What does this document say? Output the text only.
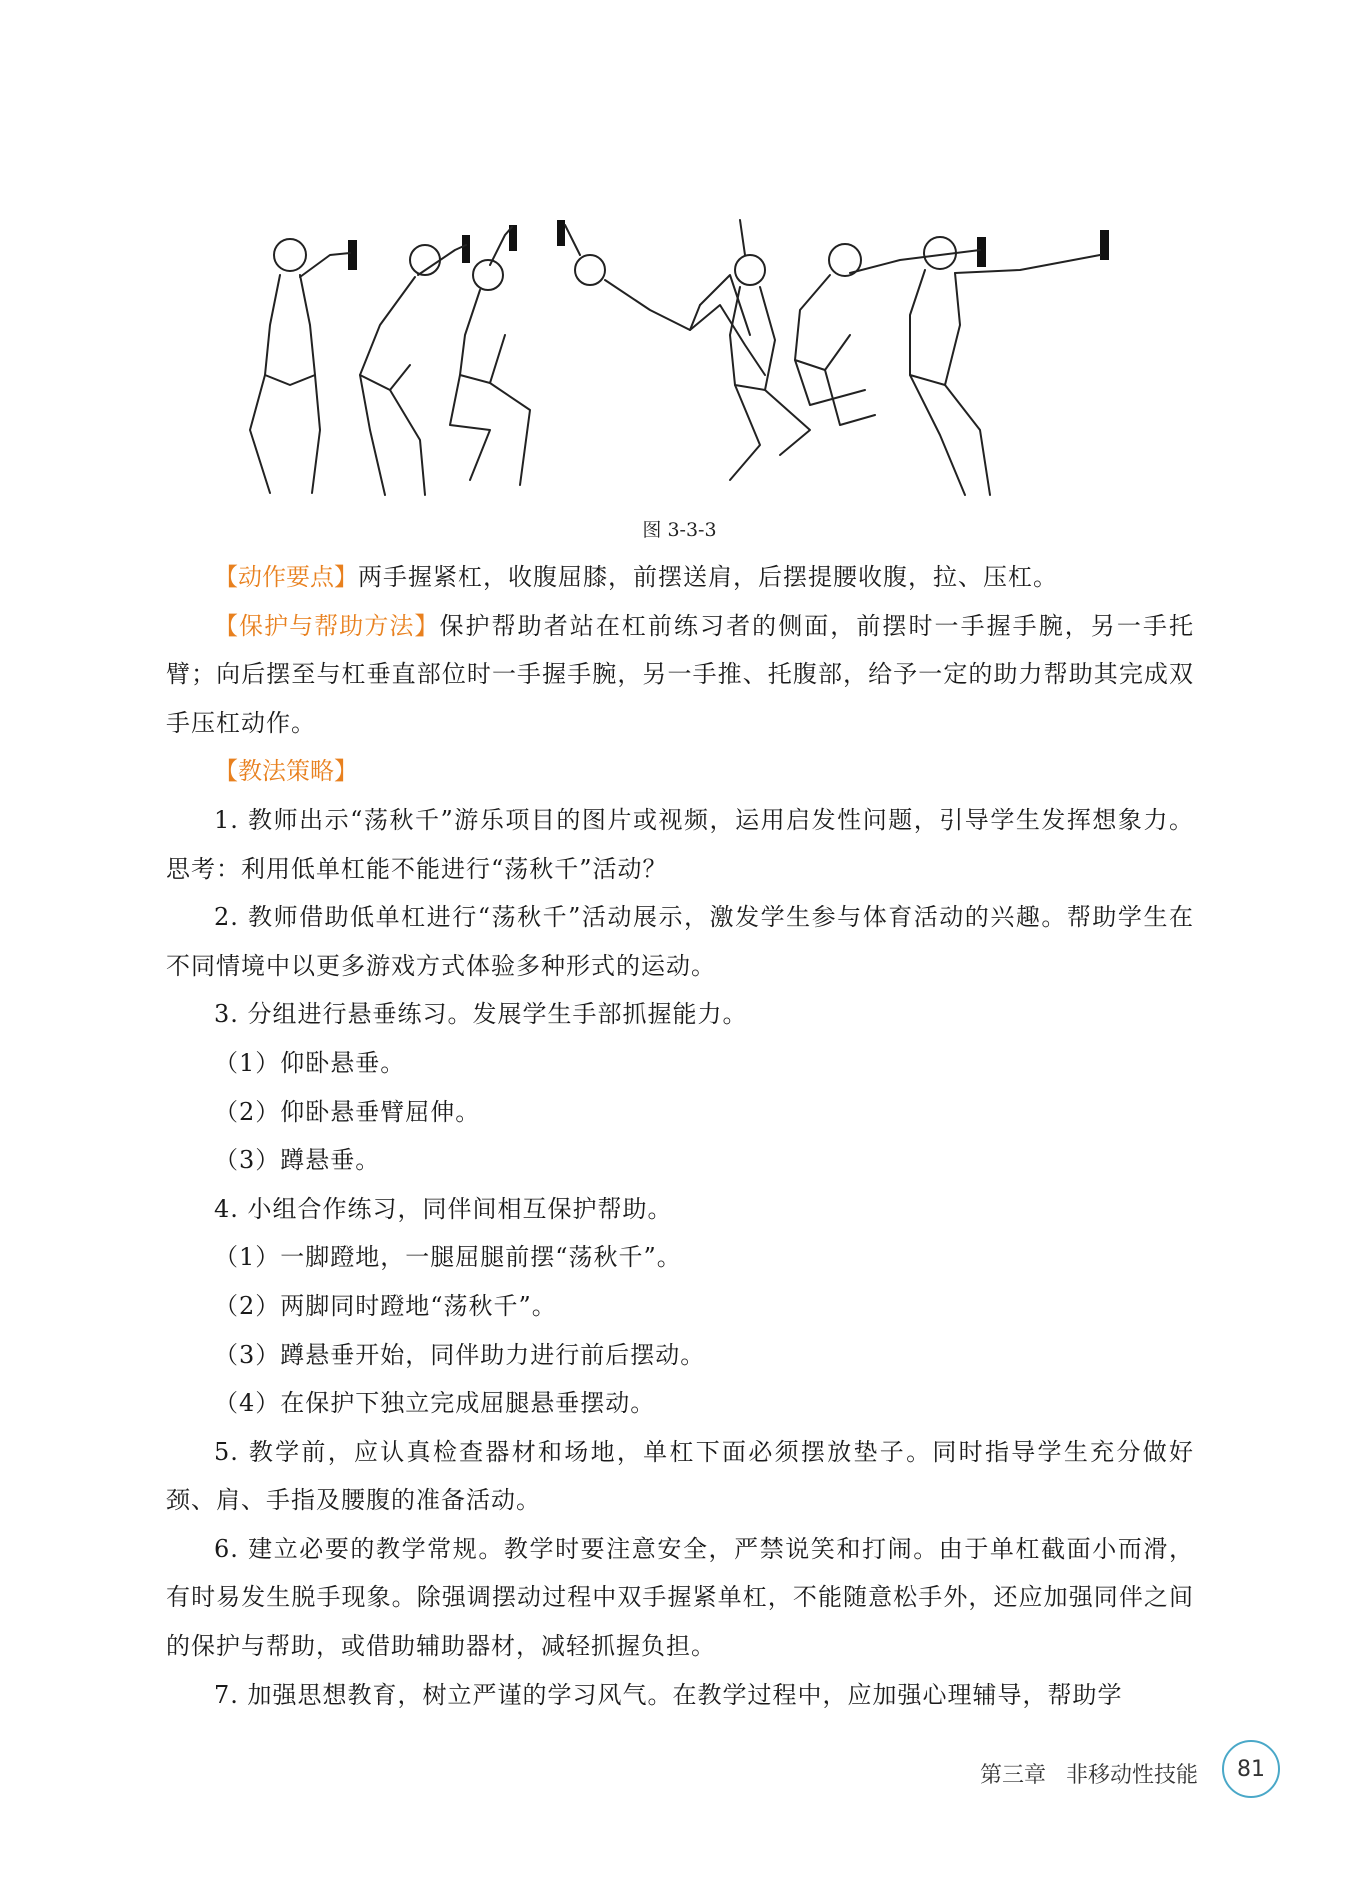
图 3-3-3

【动作要点】两手握紧杠，收腹屈膝，前摆送肩，后摆提腰收腹，拉、压杠。

【保护与帮助方法】保护帮助者站在杠前练习者的侧面，前摆时一手握手腕，另一手托臂；向后摆至与杠垂直部位时一手握手腕，另一手推、托腹部，给予一定的助力帮助其完成双手压杠动作。

【教法策略】

1. 教师出示“荡秋千”游乐项目的图片或视频，运用启发性问题，引导学生发挥想象力。思考：利用低单杠能不能进行“荡秋千”活动？

2. 教师借助低单杠进行“荡秋千”活动展示，激发学生参与体育活动的兴趣。帮助学生在不同情境中以更多游戏方式体验多种形式的运动。

3. 分组进行悬垂练习。发展学生手部抓握能力。

（1）仰卧悬垂。

（2）仰卧悬垂臂屈伸。

（3）蹲悬垂。

4. 小组合作练习，同伴间相互保护帮助。

（1）一脚蹬地，一腿屈腿前摆“荡秋千”。

（2）两脚同时蹬地“荡秋千”。

（3）蹲悬垂开始，同伴助力进行前后摆动。

（4）在保护下独立完成屈腿悬垂摆动。

5. 教学前，应认真检查器材和场地，单杠下面必须摆放垫子。同时指导学生充分做好颈、肩、手指及腰腹的准备活动。

6. 建立必要的教学常规。教学时要注意安全，严禁说笑和打闹。由于单杠截面小而滑，有时易发生脱手现象。除强调摆动过程中双手握紧单杠，不能随意松手外，还应加强同伴之间的保护与帮助，或借助辅助器材，减轻抓握负担。

7. 加强思想教育，树立严谨的学习风气。在教学过程中，应加强心理辅导，帮助学

第三章 非移动性技能	81
